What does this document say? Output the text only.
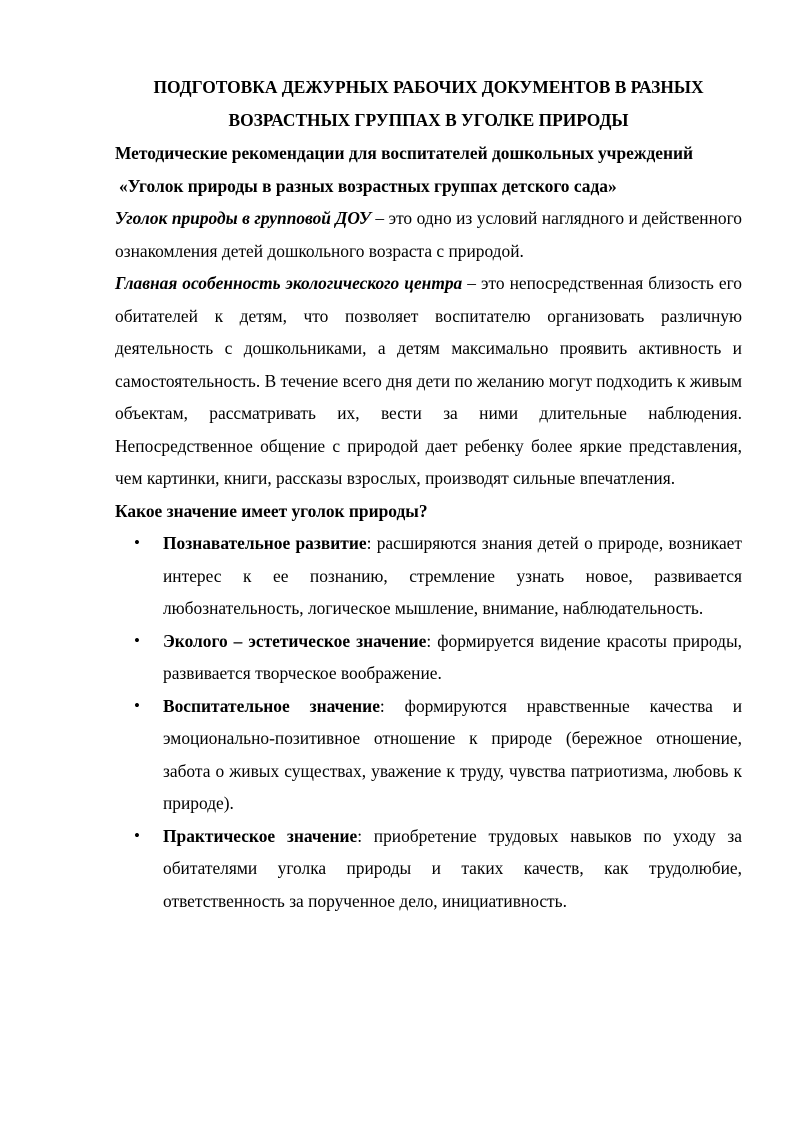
ПОДГОТОВКА ДЕЖУРНЫХ РАБОЧИХ ДОКУМЕНТОВ В РАЗНЫХ ВОЗРАСТНЫХ ГРУППАХ В УГОЛКЕ ПРИРОДЫ
Методические рекомендации для воспитателей дошкольных учреждений
«Уголок природы в разных возрастных группах детского сада»

Уголок природы в групповой ДОУ – это одно из условий наглядного и действенного ознакомления детей дошкольного возраста с природой.

Главная особенность экологического центра – это непосредственная близость его обитателей к детям, что позволяет воспитателю организовать различную деятельность с дошкольниками, а детям максимально проявить активность и самостоятельность. В течение всего дня дети по желанию могут подходить к живым объектам, рассматривать их, вести за ними длительные наблюдения. Непосредственное общение с природой дает ребенку более яркие представления, чем картинки, книги, рассказы взрослых, производят сильные впечатления.

Какое значение имеет уголок природы?
• Познавательное развитие: расширяются знания детей о природе, возникает интерес к ее познанию, стремление узнать новое, развивается любознательность, логическое мышление, внимание, наблюдательность.
• Эколого – эстетическое значение: формируется видение красоты природы, развивается творческое воображение.
• Воспитательное значение: формируются нравственные качества и эмоционально-позитивное отношение к природе (бережное отношение, забота о живых существах, уважение к труду, чувства патриотизма, любовь к природе).
• Практическое значение: приобретение трудовых навыков по уходу за обитателями уголка природы и таких качеств, как трудолюбие, ответственность за порученное дело, инициативность.
